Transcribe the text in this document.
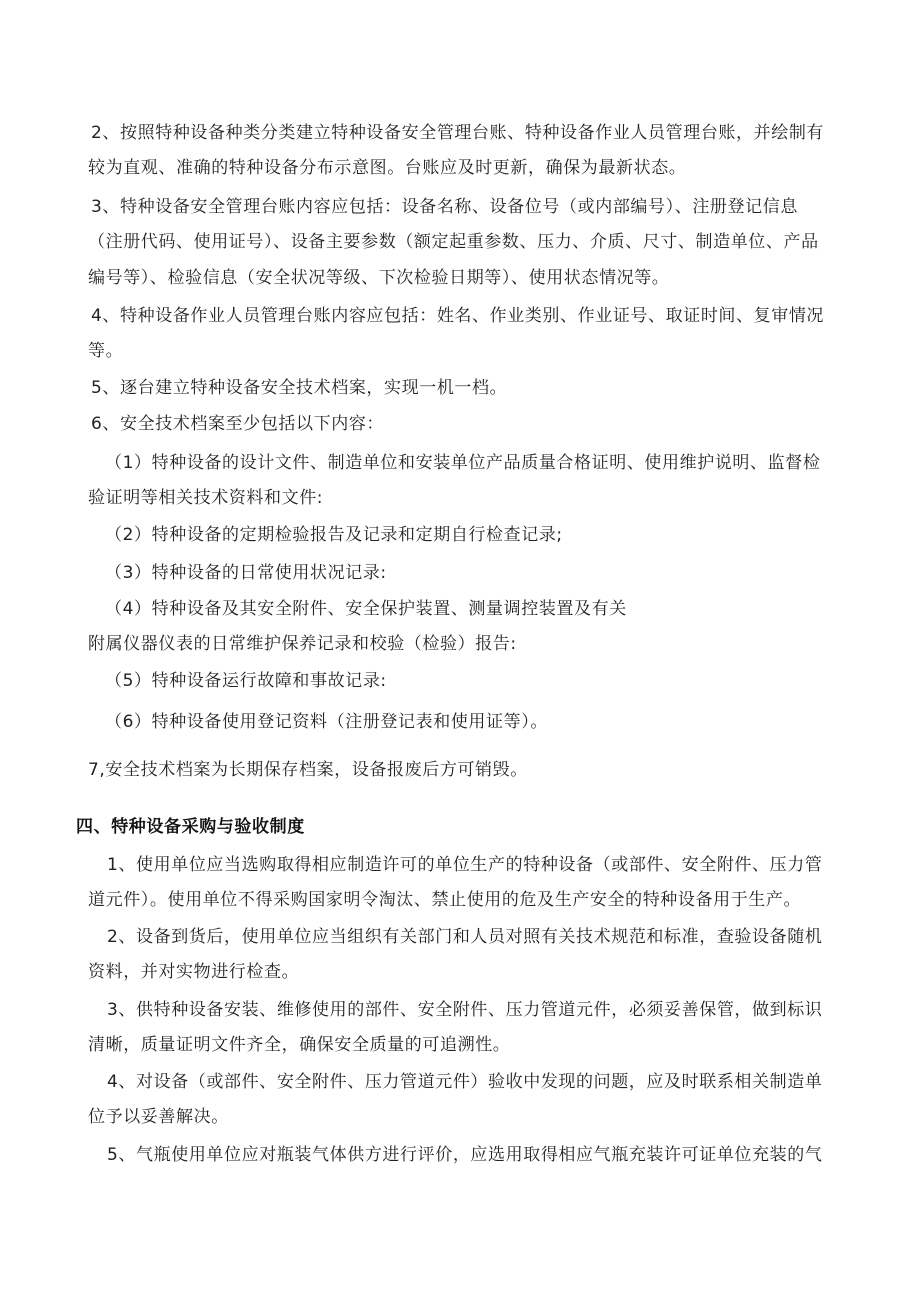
2、按照特种设备种类分类建立特种设备安全管理台账、特种设备作业人员管理台账，并绘制有
较为直观、准确的特种设备分布示意图。台账应及时更新，确保为最新状态。
3、特种设备安全管理台账内容应包括：设备名称、设备位号（或内部编号）、注册登记信息
（注册代码、使用证号）、设备主要参数（额定起重参数、压力、介质、尺寸、制造单位、产品
编号等）、检验信息（安全状况等级、下次检验日期等）、使用状态情况等。
4、特种设备作业人员管理台账内容应包括：姓名、作业类别、作业证号、取证时间、复审情况
等。
5、逐台建立特种设备安全技术档案，实现一机一档。
6、安全技术档案至少包括以下内容：
（1）特种设备的设计文件、制造单位和安装单位产品质量合格证明、使用维护说明、监督检
验证明等相关技术资料和文件:
（2）特种设备的定期检验报告及记录和定期自行检查记录;
（3）特种设备的日常使用状况记录:
（4）特种设备及其安全附件、安全保护装置、测量调控装置及有关
附属仪器仪表的日常维护保养记录和校验（检验）报告:
（5）特种设备运行故障和事故记录:
（6）特种设备使用登记资料（注册登记表和使用证等）。
7,安全技术档案为长期保存档案，设备报废后方可销毁。
四、特种设备采购与验收制度
1、使用单位应当选购取得相应制造许可的单位生产的特种设备（或部件、安全附件、压力管
道元件）。使用单位不得采购国家明令淘汰、禁止使用的危及生产安全的特种设备用于生产。
2、设备到货后，使用单位应当组织有关部门和人员对照有关技术规范和标准，查验设备随机
资料，并对实物进行检查。
3、供特种设备安装、维修使用的部件、安全附件、压力管道元件，必须妥善保管，做到标识
清晰，质量证明文件齐全，确保安全质量的可追溯性。
4、对设备（或部件、安全附件、压力管道元件）验收中发现的问题，应及时联系相关制造单
位予以妥善解决。
5、气瓶使用单位应对瓶装气体供方进行评价，应选用取得相应气瓶充装许可证单位充装的气
